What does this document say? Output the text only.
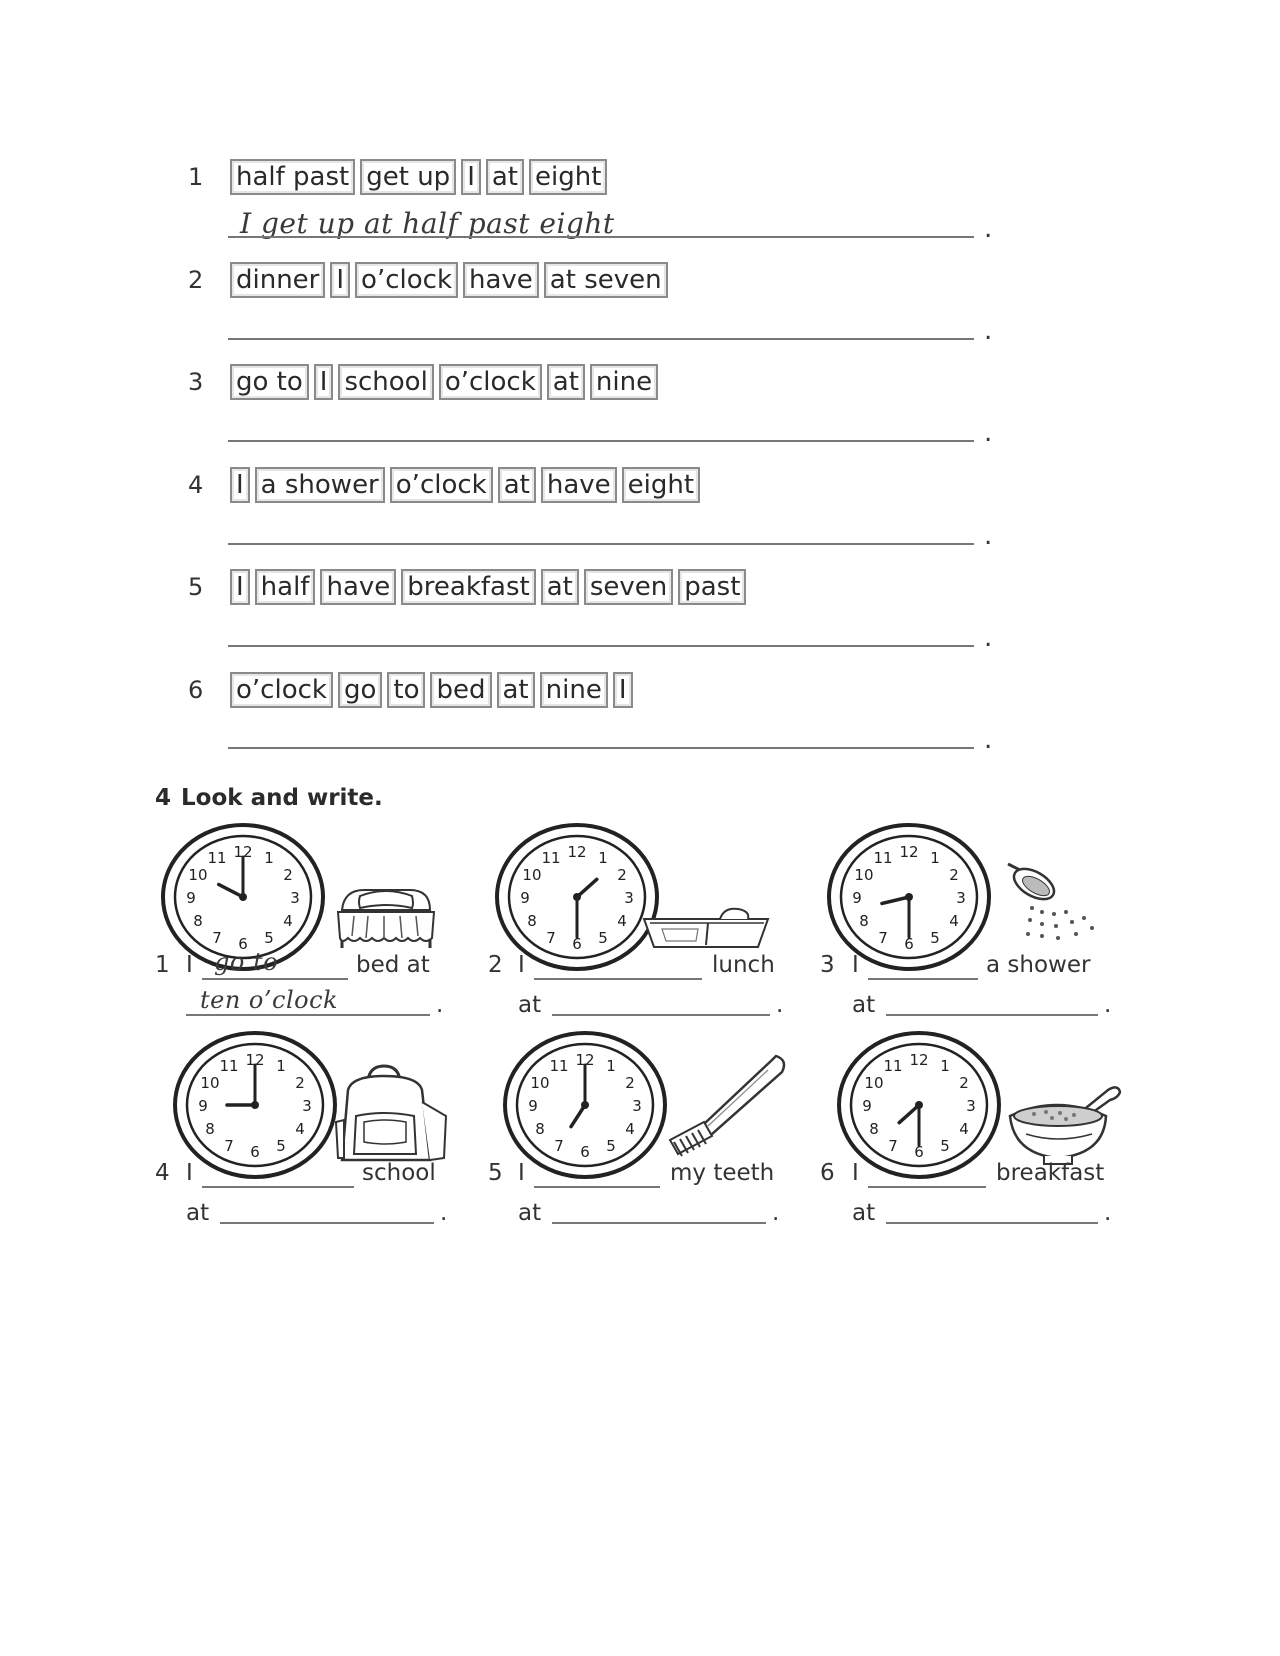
1	half past get up I at eight
I get up at half past eight	.
2	dinner I o’clock have at seven
.
3	go to I school o’clock at nine
.
4	I a shower o’clock at have eight
.
5	I half have breakfast at seven past
.
6	o’clock go to bed at nine I
.
4 Look and write.
12 1
2
3
4
5
6
7
8
9
10
11	12 1
2
3
4
5
6
7
8
9
10
11	12 1
2
3
4
5
6
7
8
9
10
11
12 1
2
3
4
5
6
7
8
9
10
11	12 1
2
3
4
5
6
7
8
9
10
11	12 1
2
3
4
5
6
7
8
9
10
11
1 I go to	bed at
ten o’clock	.
2 I	lunch
at	.
3 I	a shower
at	.
4 I	school
at	.
5 I	my teeth
at	.
6 I	breakfast
at	.
